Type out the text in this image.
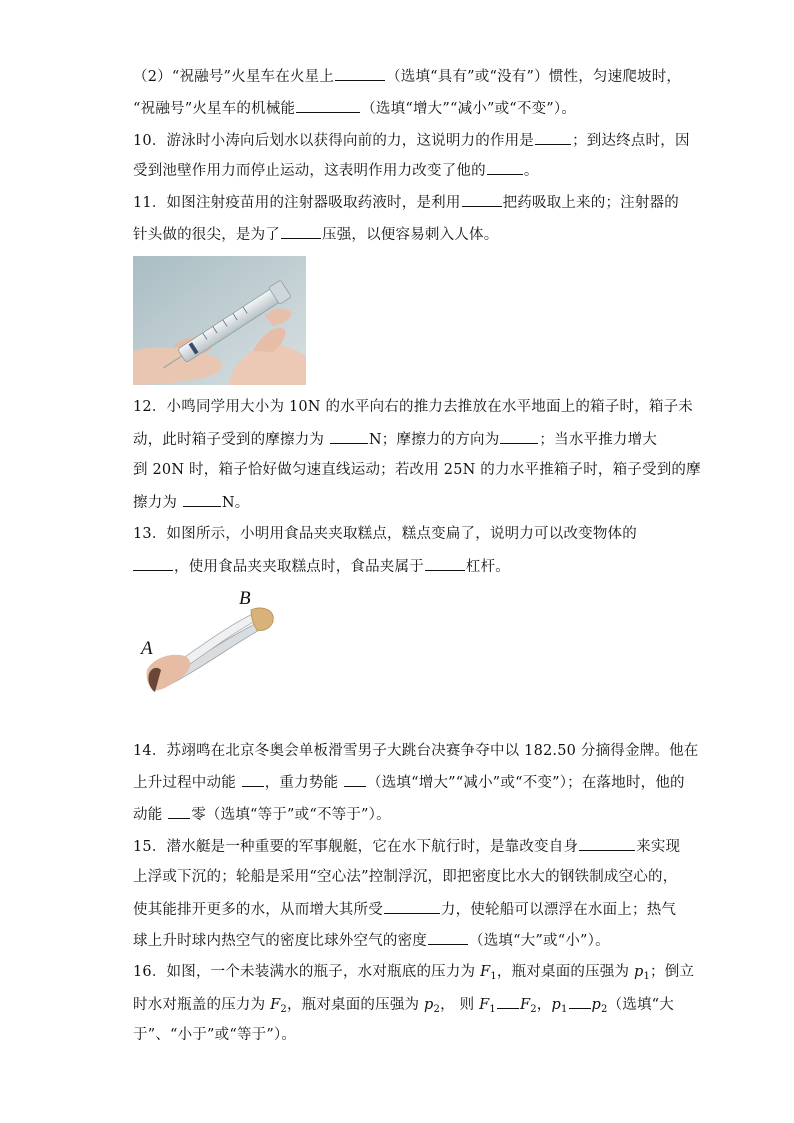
（2）“祝融号”火星车在火星上	（选填“具有”或“没有”）惯性，匀速爬坡时，
“祝融号”火星车的机械能	（选填“增大”“减小”或“不变”）。
10．游泳时小涛向后划水以获得向前的力，这说明力的作用是	；到达终点时，因
受到池壁作用力而停止运动，这表明作用力改变了他的	。
11．如图注射疫苗用的注射器吸取药液时，是利用	把药吸取上来的；注射器的
针头做的很尖，是为了	压强，以便容易刺入人体。
12．小鸣同学用大小为 10N 的水平向右的推力去推放在水平地面上的箱子时，箱子未
动，此时箱子受到的摩擦力为	N；摩擦力的方向为	；当水平推力增大
到 20N 时，箱子恰好做匀速直线运动；若改用 25N 的力水平推箱子时，箱子受到的摩
擦力为	N。
13．如图所示，小明用食品夹夹取糕点，糕点变扁了，说明力可以改变物体的
，使用食品夹夹取糕点时，食品夹属于	杠杆。
B
A
14．苏翊鸣在北京冬奥会单板滑雪男子大跳台决赛争夺中以 182.50 分摘得金牌。他在
上升过程中动能 ，重力势能 （选填“增大”“减小”或“不变”）；在落地时，他的
动能 零（选填“等于”或“不等于”）。
15．潜水艇是一种重要的军事舰艇，它在水下航行时，是靠改变自身	来实现
上浮或下沉的；轮船是采用“空心法”控制浮沉，即把密度比水大的钢铁制成空心的，
使其能排开更多的水，从而增大其所受	力，使轮船可以漂浮在水面上；热气
球上升时球内热空气的密度比球外空气的密度	（选填“大”或“小”）。
16．如图，一个未装满水的瓶子，水对瓶底的压力为 $F_1$，瓶对桌面的压强为 $p_1$；倒立
时水对瓶盖的压力为 $F_2$，瓶对桌面的压强为 $p_2$， 则 $F_1$ $F_2$，$p_1$ $p_2$（选填“大
于”、“小于”或“等于”）。
